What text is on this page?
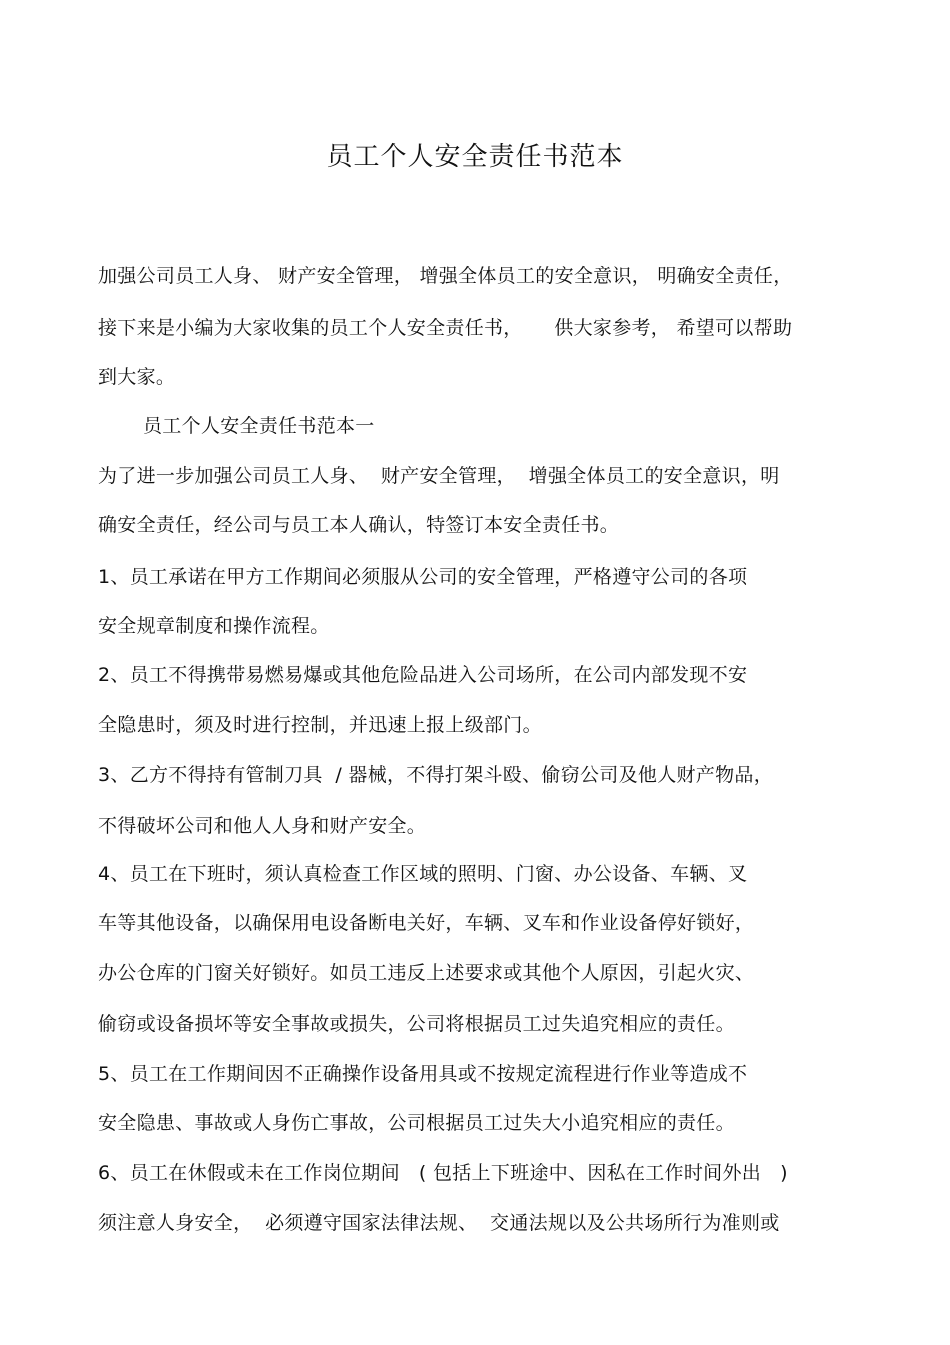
员工个人安全责任书范本
加强公司员工人身、 财产安全管理， 增强全体员工的安全意识， 明确安全责任，
接下来是小编为大家收集的员工个人安全责任书，     供大家参考， 希望可以帮助
到大家。
员工个人安全责任书范本一
为了进一步加强公司员工人身、  财产安全管理，  增强全体员工的安全意识，明
确安全责任，经公司与员工本人确认，特签订本安全责任书。
1、员工承诺在甲方工作期间必须服从公司的安全管理，严格遵守公司的各项
安全规章制度和操作流程。
2、员工不得携带易燃易爆或其他危险品进入公司场所，在公司内部发现不安
全隐患时，须及时进行控制，并迅速上报上级部门。
3、乙方不得持有管制刀具  / 器械，不得打架斗殴、偷窃公司及他人财产物品，
不得破坏公司和他人人身和财产安全。
4、员工在下班时，须认真检查工作区域的照明、门窗、办公设备、车辆、叉
车等其他设备，以确保用电设备断电关好，车辆、叉车和作业设备停好锁好，
办公仓库的门窗关好锁好。如员工违反上述要求或其他个人原因，引起火灾、
偷窃或设备损坏等安全事故或损失，公司将根据员工过失追究相应的责任。
5、员工在工作期间因不正确操作设备用具或不按规定流程进行作业等造成不
安全隐患、事故或人身伤亡事故，公司根据员工过失大小追究相应的责任。
6、员工在休假或未在工作岗位期间   ( 包括上下班途中、因私在工作时间外出   )
须注意人身安全，  必须遵守国家法律法规、  交通法规以及公共场所行为准则或
